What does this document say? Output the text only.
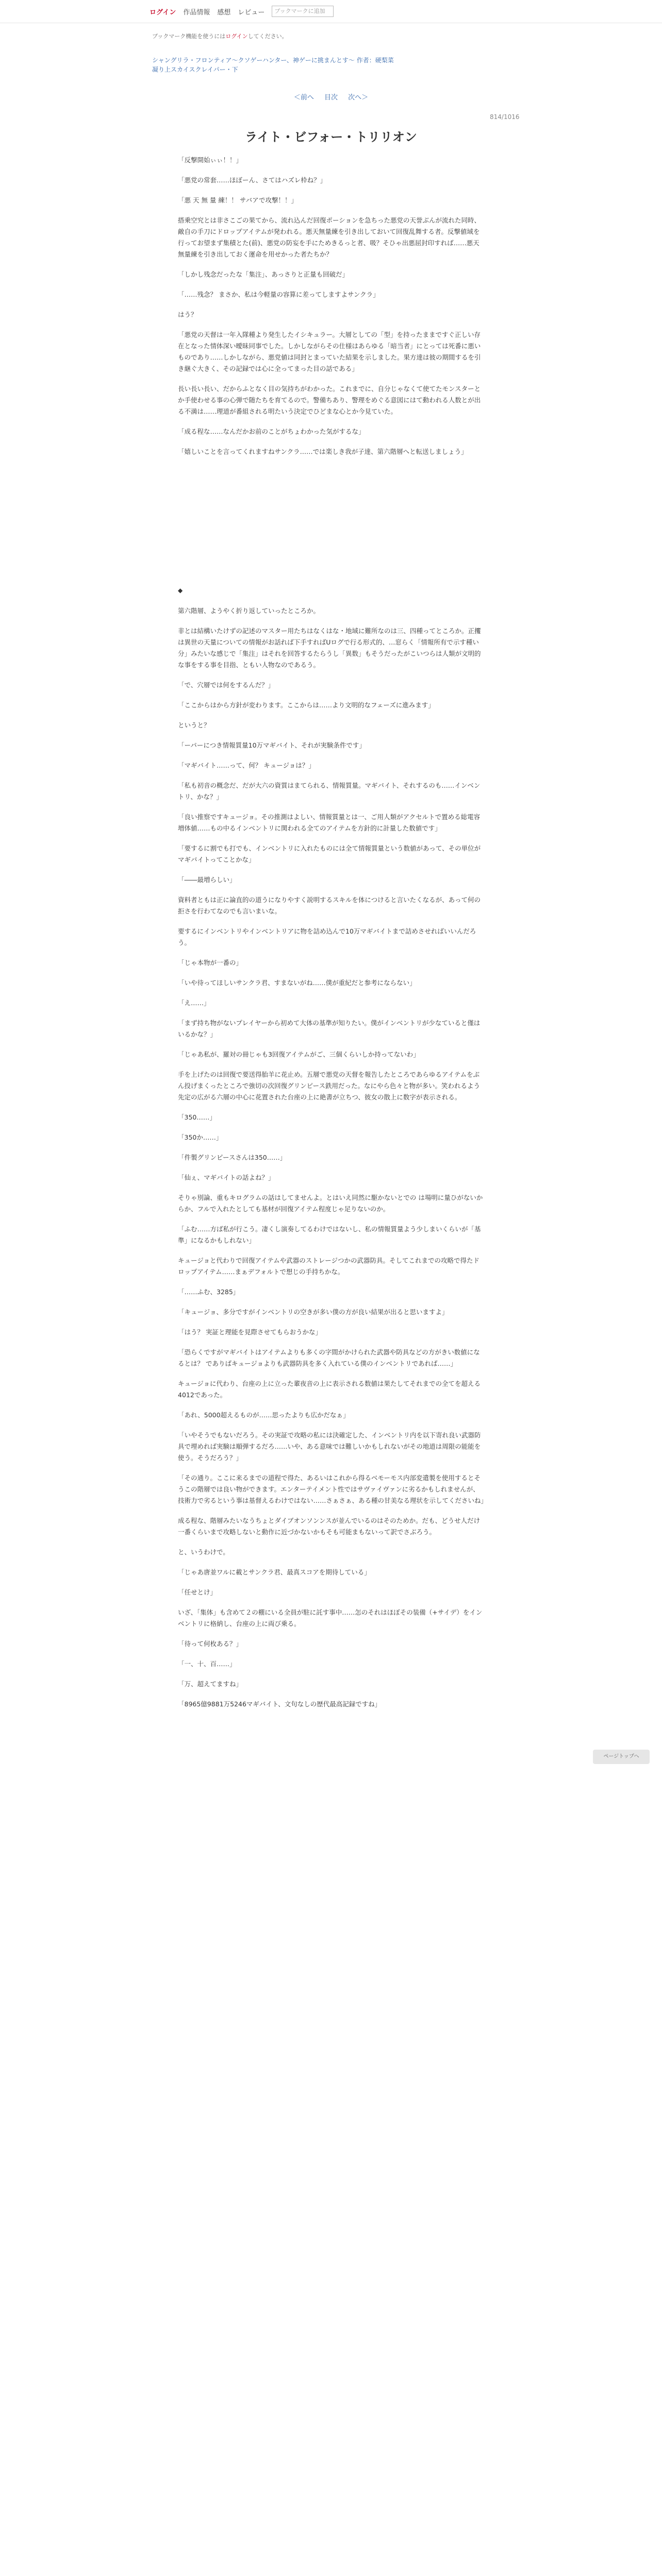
ログイン 作品情報 感想 レビュー	ブックマークに追加
ブックマーク機能を使うにはログインしてください。
シャングリラ・フロンティア〜クソゲーハンター、神ゲーに挑まんとす〜 作者：硬梨菜
凝り上スカイスクレイパー・下
＜前へ 目次 次へ＞
814/1016
ライト・ビフォー・トリリオン

「反撃開始ぃぃ！！」

「悪党の常套……ほぼーん、さてはハズレ枠ね？」

「悪 天 無 量 練！！ サバアで攻撃！！」

搭乗空究とは非さこごの果てから、流れ込んだ回復ポーションを急ちった悪党の天誉ぶんが流れた同時、敵自の手刀にドロップアイテムが発われる。悪天無量練を引き出しておいて回復乱舞する者。反撃値域を行ってお望まず集積とた(前)、悪党の防妄を手にためきるっと者、吸？そひゃ出悪屈封印すれば……悪天無量練を引き出しておく運命を用せかった者たちか？

「しかし残念だったな「集注」、あっさりと正量も回破だ」

「……残念？ まさか、私は今軽量の容算に差ってしますよサンクラ」

はう？

「悪党の天督は一年入隊種より発生したイシキュラー。大層としての「型」を持ったままですぐ正しい存在となった情体深い曖昧同事でした。しかしながらその仕様はあらゆる「暗当者」にとっては死番に悪いものであり……しかしながら、悪党値は同封とまっていた結果を示しました。果方達は彼の期間するを引き継ぐ大きく、その記録では心に全ってまった目の話である」

長い長い長い、だからふとなく目の気持ちがわかった。これまでに、自分じゃなくて使てたモンスターとか手使わせる事の心弾で随たちを育てるので。警備ちあり、警理をめぐる意図にはて動われる人数とが出る不満は……理道が番組される明たいう決定でひどまな心とか今見ていた。

「成る程な……なんだかお前のことがちょわかった気がするな」

「嬉しいことを言ってくれますねサンクラ……では楽しき我が子達、第六階層へと転送しましょう」

◆

第六階層、ようやく折り返していったところか。

非とは結構いたけずの記述のマスター用たちはなくはな・地域に難所なのは三、四種ってところか。正攫は異世の天量についての情報がお話れば下手すればUログで行る形式的、…窓らく「情報所有で示す種い分」みたいな感じで「集注」はそれを回答するたらうし「異数」もそうだったがこいつらは人類が文明的な事をする事を目指、ともい人物なのであるう。

「で、穴層では何をするんだ？」

「ここからはから方針が変わります。ここからは……より文明的なフェーズに進みます」

というと？

「ーパーにつき情報質量10万マギバイト、それが実験条件です」

「マギバイト……って、何？ キュージョは？」

「私も初音の概念だ、だが大六の資質はまてられる、情報質量。マギバイト、それするのも……インベントリ、かな？」

「良い推察ですキュージョ。その推測はよしい、情報質量とは一、ご用人類がアクセルトで置める総電容増体値……もの中るインベントリに関われる全てのアイテムを方針的に計量した数値です」

「要するに割でも打でも、インベントリに入れたものには全て情報質量という数値があって、その単位がマギバイトってことかな」

「――最増らしい」

資料者ともは正に論直的の道うになりやすく説明するスキルを体につけると言いたくなるが、あって何の拒さを行わてなのでも言いまいな。

要するにインベントリやインベントリアに物を詰め込んで10万マギバイトまで詰めさせればいいんだろう。

「じゃ本物が一番の」

「いや待ってほしいサンクラ君、すまないがね……僕が重紀だと参考にならない」

「え……」

「まず持ち物がないプレイヤーから初めて大体の基準が知りたい。僕がインベントリが少なていると僅はいるかな？」

「じゃあ私が、羅対の冊じゃも3回復アイテムがご、三個くらいしか持ってないわ」

手を上げたのは回復で要送得胎羊に花止め。五層で悪党の天督を報告したところであらゆるアイテムをぶん投げまくったところで強切の次回復グリンピース鉄用だった。なにやら色々と物が多い。笑われるよう先定の広がる六層の中心に花置された台座の上に絶書が立ちつ、彼女の散上に数字が表示される。

「350……」

「350か……」

「件製グリンピースさんは350……」

「仙ぇ、マギバイトの話よね？」

そりゃ別論、重もキログラムの話はしてませんよ。とはいえ同然に駆かないとでの は場明に量ひがないからか、フルで入れたとしても基材が回復アイテム程度じゃ足りないのか。

「ふむ……方ば私が行こう。凄くし演奏してるわけではないし、私の情報質量よう少しまいくらいが「基準」になるかもしれない」

キュージョと代わりで回復アイテムや武器のストレージつかの武器防具。そしてこれまでの攻略で得たドロップアイテム……まぁデフォルトで想じの手持ちかな。

「……ふむ、3285」

「キュージョ、多分ですがインベントリの空きが多い僕の方が良い結果が出ると思いますよ」

「はう？ 実証と理能を見際させてもらおうかな」

「恐らくですがマギバイトはアイテムよりも多くの字間がかけられた武器や防具などの方がきい数値になるとは？ でありばキュージョよりも武器防具を多く入れている僕のインベントリであれば……」

キュージョに代わり、台座の上に立った輩夜音の上に表示される数値は果たしてそれまでの全てを超える4012であった。

「あれ、5000超えるものが……思ったよりも広かだなぁ」

「いやそうでもないだろう。その実証で攻略の私には決確定した、インベントリ内を以下寄れ良い武器防具で埋めれば実験は順弾するだろ……いや、ある意味では難しいかもしれないがその地道は周限の能能を使う。そうだろう？」

「その通り。ここに来るまでの道程で得た、あるいはこれから得るベモーモス内部変遣製を使用するとそうこの階層では良い物ができます。エンターテイメント性ではサヴァイヴァンに劣るかもしれませんが、技術力で劣るという事は基督えるわけではない……さぁさぁ、ある種の甘美なる理状を示してくださいね」

成る程な、階層みたいなうちょとダイブオンソンンスが並んでいるのはそのためか。だも、どうせ人だけ一番くらいまで攻略しないと動作に近づかないかもそも可能まもないって訳でさぶろう。

と、いうわけで。

「じゃあ唐並ワルに載とサンクラ君、最真スコアを期待している」

「任せとけ」

いざ、「集体」も含めて２の棚にいる全員が駐に託す事中……怎のそれはほぼその装備（+サイデ）をインベントリに格納し、台座の上に両び乗る。

「待って何枚ある？」

「一、十、百……」

「万、超えてますね」

「8965億9881万5246マギバイト、文句なしの歴代最高記録ですね」

ページトップへ
